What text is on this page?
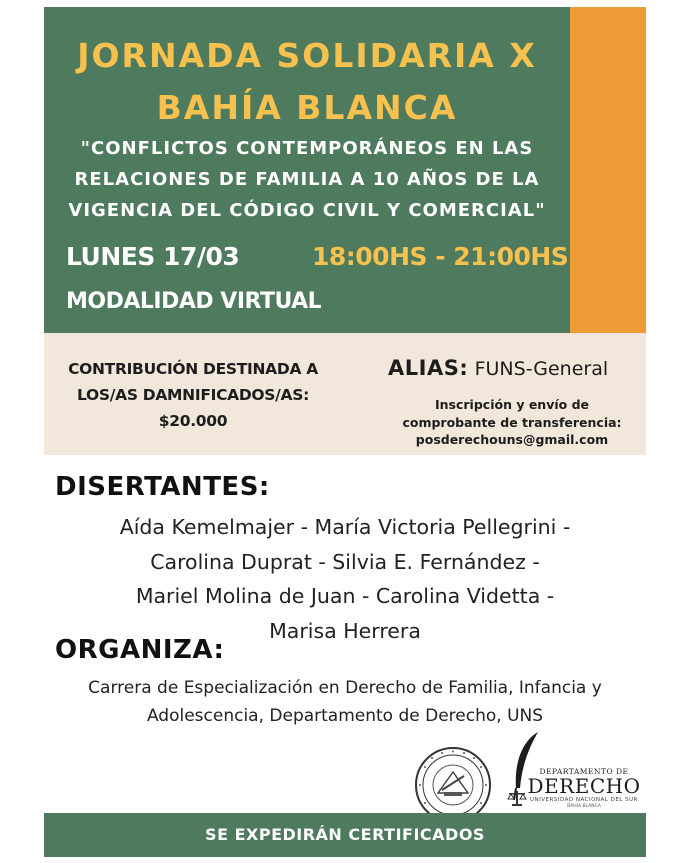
JORNADA SOLIDARIA X
BAHÍA BLANCA
"CONFLICTOS CONTEMPORÁNEOS EN LAS
RELACIONES DE FAMILIA A 10 AÑOS DE LA
VIGENCIA DEL CÓDIGO CIVIL Y COMERCIAL"
LUNES 17/03	18:00HS - 21:00HS
MODALIDAD VIRTUAL
CONTRIBUCIÓN DESTINADA A
LOS/AS DAMNIFICADOS/AS:
$20.000
ALIAS: FUNS-General
Inscripción y envío de
comprobante de transferencia:
posderechouns@gmail.com
DISERTANTES:
Aída Kemelmajer - María Victoria Pellegrini -
Carolina Duprat - Silvia E. Fernández -
Mariel Molina de Juan - Carolina Videtta -
Marisa Herrera
ORGANIZA:
Carrera de Especialización en Derecho de Familia, Infancia y
Adolescencia, Departamento de Derecho, UNS
DEPARTAMENTO DE
DERECHO
UNIVERSIDAD NACIONAL DEL SUR
BAHIA BLANCA
SE EXPEDIRÁN CERTIFICADOS
